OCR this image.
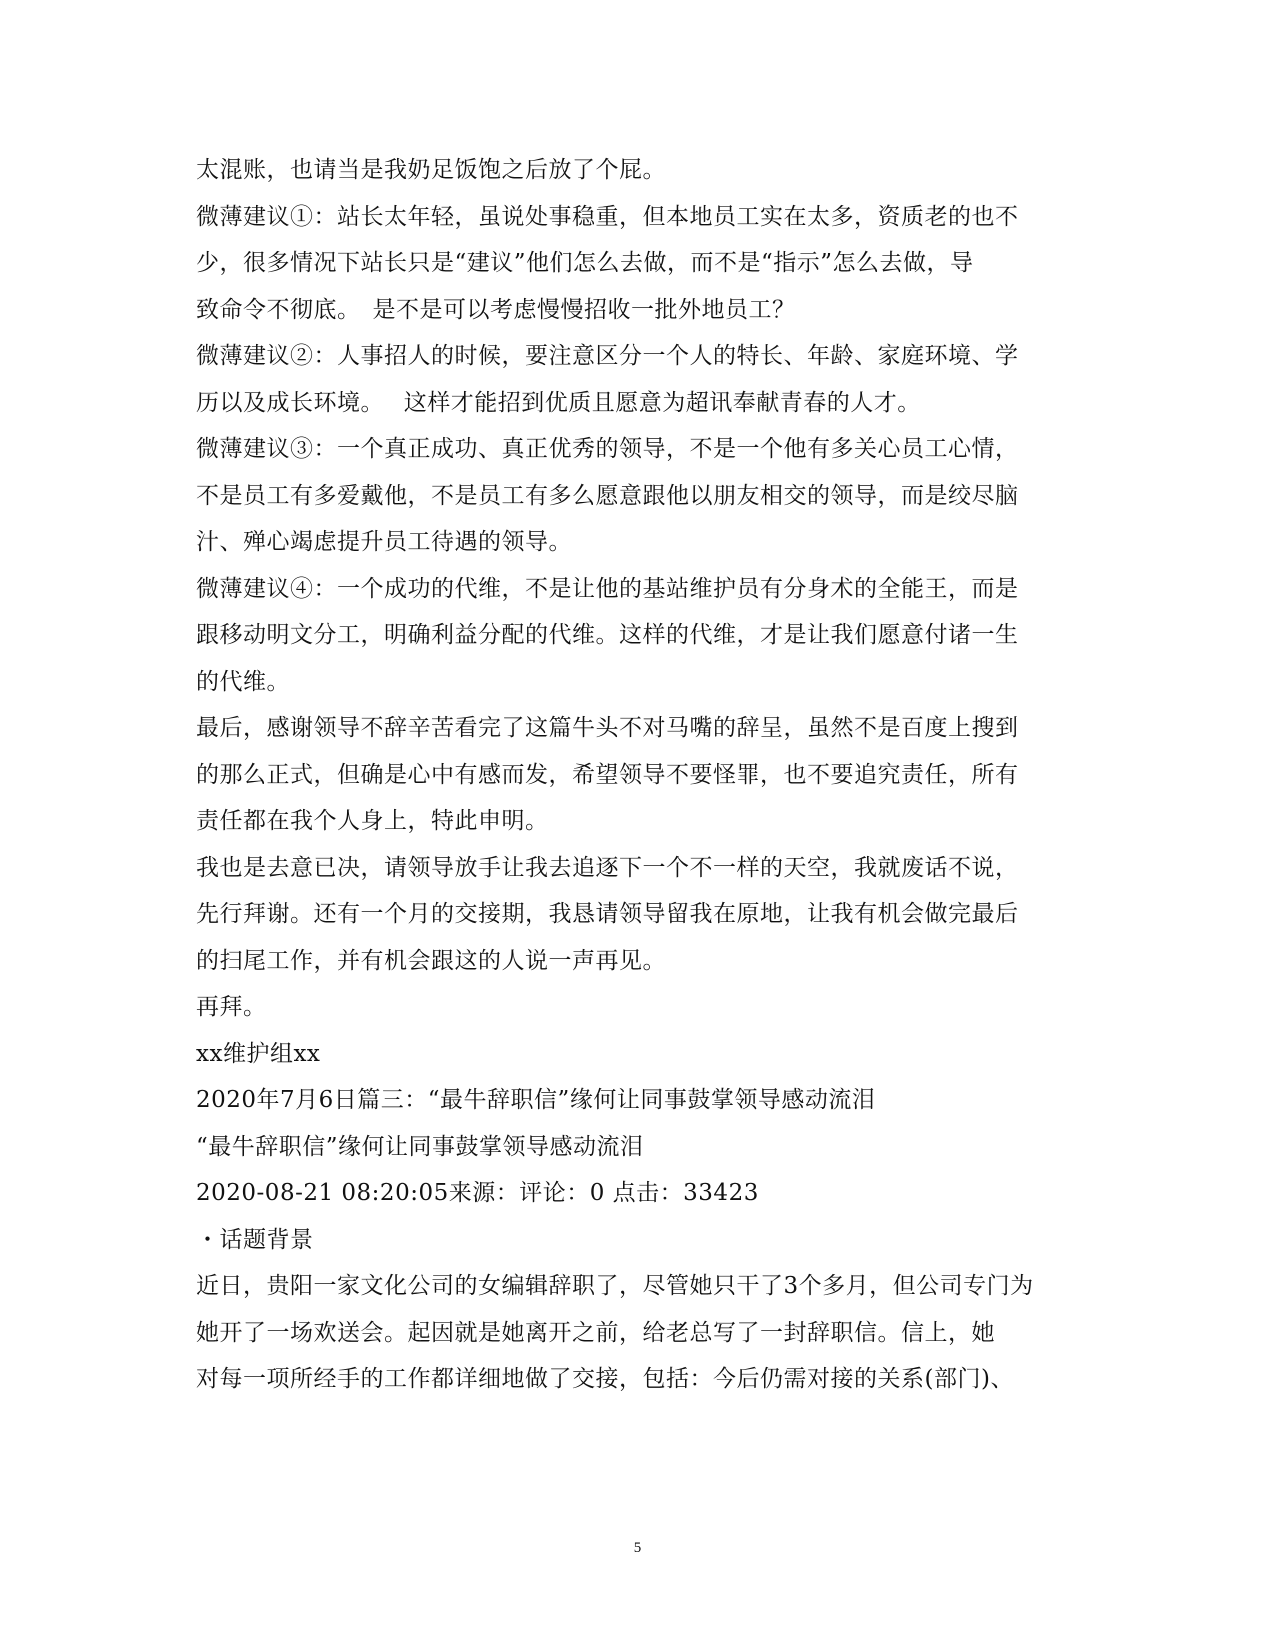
太混账，也请当是我奶足饭饱之后放了个屁。
微薄建议①：站长太年轻，虽说处事稳重，但本地员工实在太多，资质老的也不
少，很多情况下站长只是“建议”他们怎么去做，而不是“指示”怎么去做，导
致命令不彻底。　是不是可以考虑慢慢招收一批外地员工？
微薄建议②：人事招人的时候，要注意区分一个人的特长、年龄、家庭环境、学
历以及成长环境。　 这样才能招到优质且愿意为超讯奉献青春的人才。
微薄建议③：一个真正成功、真正优秀的领导，不是一个他有多关心员工心情，
不是员工有多爱戴他，不是员工有多么愿意跟他以朋友相交的领导，而是绞尽脑
汁、殚心竭虑提升员工待遇的领导。
微薄建议④：一个成功的代维，不是让他的基站维护员有分身术的全能王，而是
跟移动明文分工，明确利益分配的代维。这样的代维，才是让我们愿意付诸一生
的代维。
最后，感谢领导不辞辛苦看完了这篇牛头不对马嘴的辞呈，虽然不是百度上搜到
的那么正式，但确是心中有感而发，希望领导不要怪罪，也不要追究责任，所有
责任都在我个人身上，特此申明。
我也是去意已决，请领导放手让我去追逐下一个不一样的天空，我就废话不说，
先行拜谢。还有一个月的交接期，我恳请领导留我在原地，让我有机会做完最后
的扫尾工作，并有机会跟这的人说一声再见。
再拜。
xx维护组xx
2020年7月6日篇三：“最牛辞职信”缘何让同事鼓掌领导感动流泪
“最牛辞职信”缘何让同事鼓掌领导感动流泪
2020-08-21 08:20:05来源：评论：0 点击：33423
・话题背景
近日，贵阳一家文化公司的女编辑辞职了，尽管她只干了3个多月，但公司专门为
她开了一场欢送会。起因就是她离开之前，给老总写了一封辞职信。信上，她
对每一项所经手的工作都详细地做了交接，包括：今后仍需对接的关系(部门)、
5
